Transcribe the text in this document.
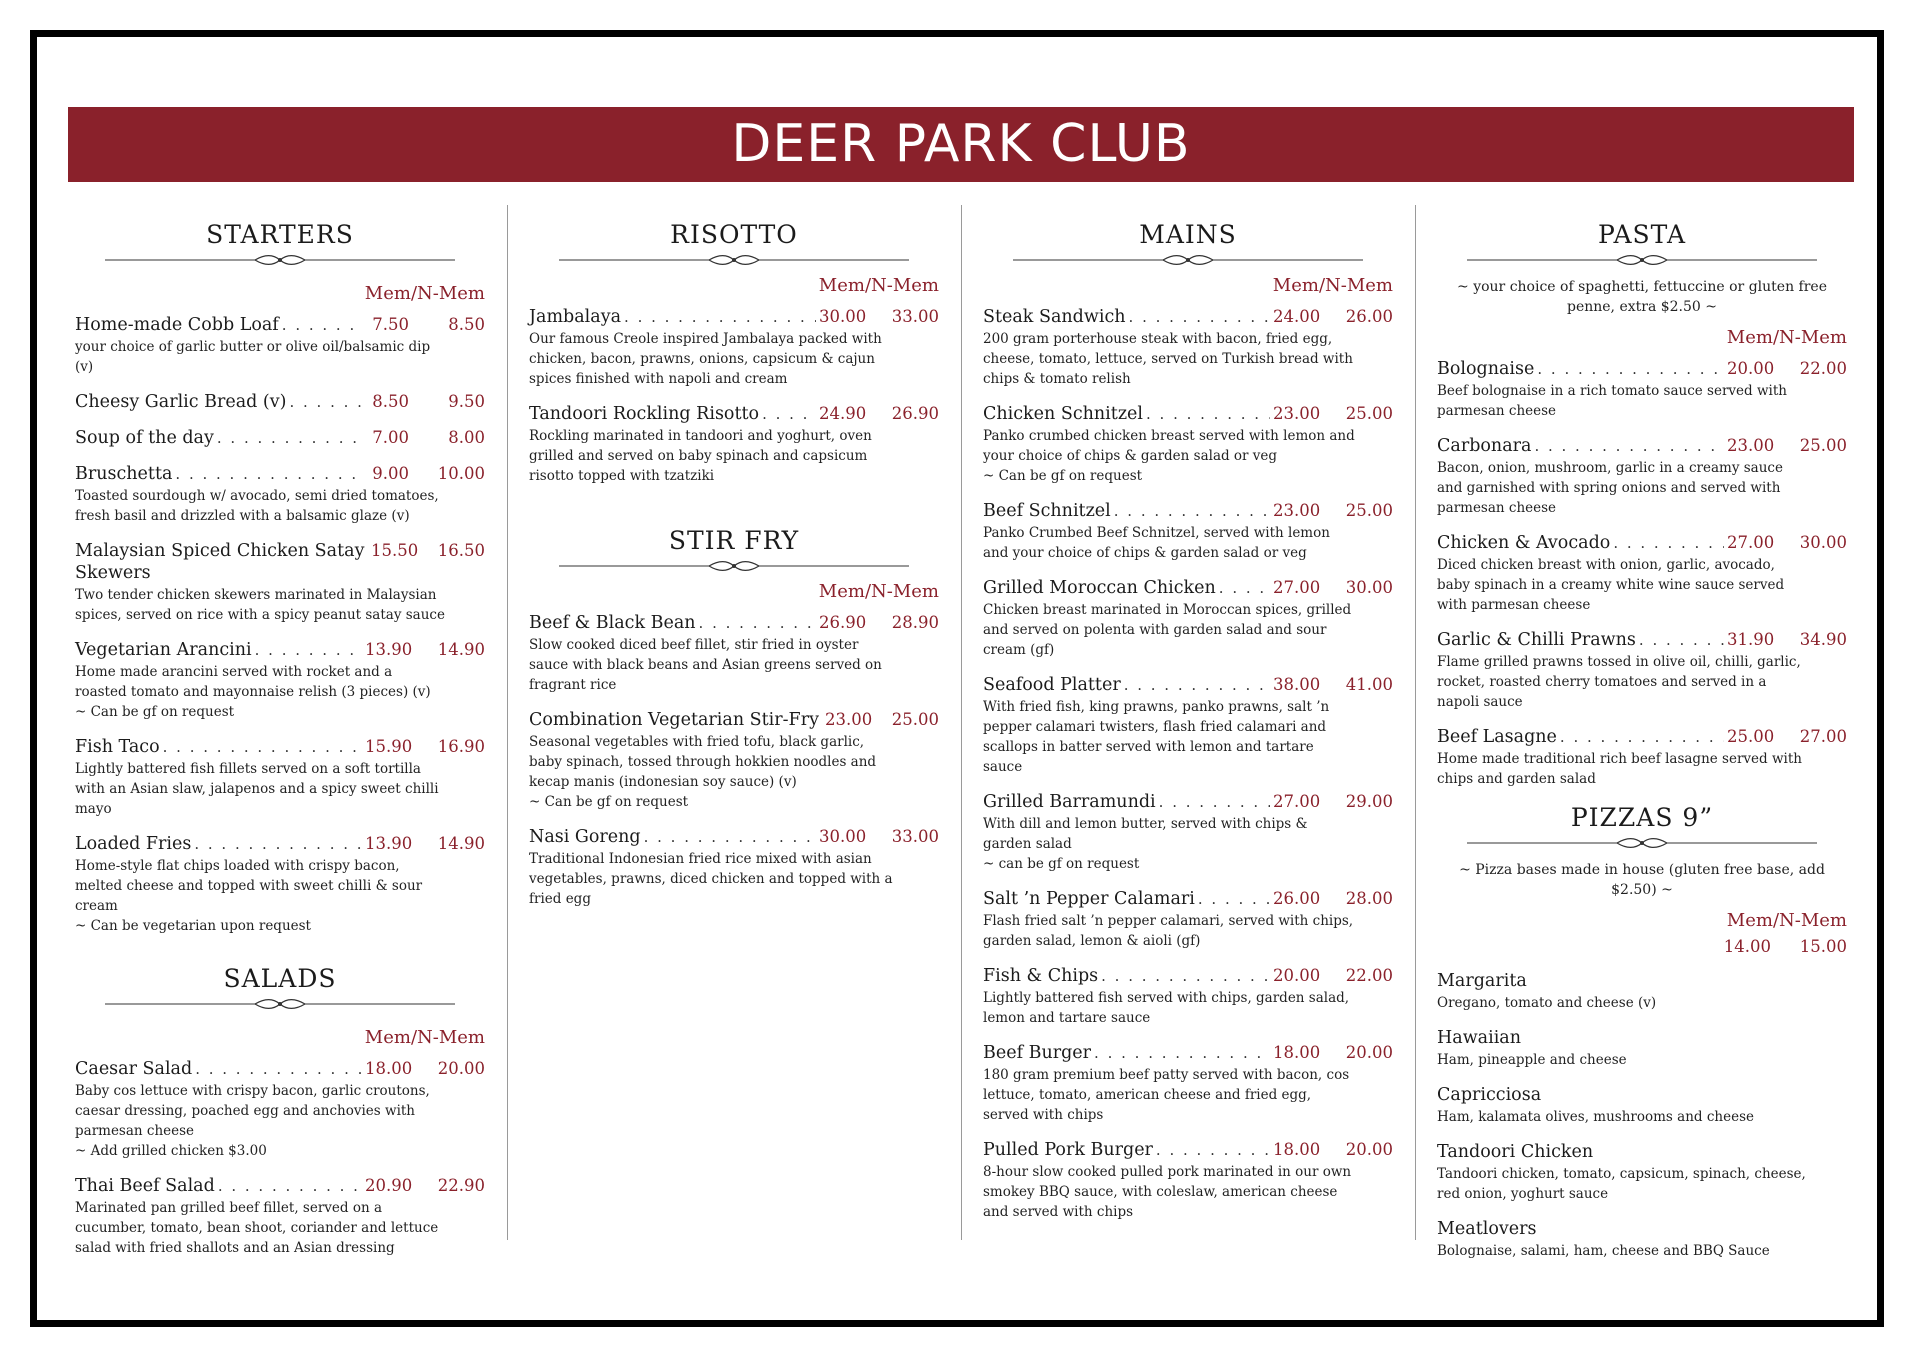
DEER PARK CLUB
STARTERS
Mem/N-Mem
Home-made Cobb Loaf . . .	7.50	8.50
your choice of garlic butter or olive oil/balsamic dip (v)
Cheesy Garlic Bread (v) . . .	8.50	9.50
Soup of the day . . .	7.00	8.00
Bruschetta . . .	9.00	10.00
Toasted sourdough w/ avocado, semi dried tomatoes, fresh basil and drizzled with a balsamic glaze (v)
Malaysian Spiced Chicken Satay Skewers
15.50	16.50
Two tender chicken skewers marinated in Malaysian spices, served on rice with a spicy peanut satay sauce
Vegetarian Arancini . . .	13.90	14.90
Home made arancini served with rocket and a roasted tomato and mayonnaise relish (3 pieces) (v)
~ Can be gf on request
Fish Taco . . .	15.90	16.90
Lightly battered fish fillets served on a soft tortilla with an Asian slaw, jalapenos and a spicy sweet chilli mayo
Loaded Fries . . .	13.90	14.90
Home-style flat chips loaded with crispy bacon, melted cheese and topped with sweet chilli & sour cream
~ Can be vegetarian upon request
SALADS
Mem/N-Mem
Caesar Salad . . .	18.00	20.00
Baby cos lettuce with crispy bacon, garlic croutons, caesar dressing, poached egg and anchovies with parmesan cheese
~ Add grilled chicken $3.00
Thai Beef Salad . . .	20.90	22.90
Marinated pan grilled beef fillet, served on a cucumber, tomato, bean shoot, coriander and lettuce salad with fried shallots and an Asian dressing
RISOTTO
Mem/N-Mem
Jambalaya . . .	30.00	33.00
Our famous Creole inspired Jambalaya packed with chicken, bacon, prawns, onions, capsicum & cajun spices finished with napoli and cream
Tandoori Rockling Risotto . . .	24.90	26.90
Rockling marinated in tandoori and yoghurt, oven grilled and served on baby spinach and capsicum risotto topped with tzatziki
STIR FRY
Mem/N-Mem
Beef & Black Bean . . .	26.90	28.90
Slow cooked diced beef fillet, stir fried in oyster sauce with black beans and Asian greens served on fragrant rice
Combination Vegetarian Stir-Fry 23.00	25.00
Seasonal vegetables with fried tofu, black garlic, baby spinach, tossed through hokkien noodles and kecap manis (indonesian soy sauce) (v)
~ Can be gf on request
Nasi Goreng . . .	30.00	33.00
Traditional Indonesian fried rice mixed with asian vegetables, prawns, diced chicken and topped with a fried egg
MAINS
Mem/N-Mem
Steak Sandwich . . .	24.00	26.00
200 gram porterhouse steak with bacon, fried egg, cheese, tomato, lettuce, served on Turkish bread with chips & tomato relish
Chicken Schnitzel . . .	23.00	25.00
Panko crumbed chicken breast served with lemon and your choice of chips & garden salad or veg
~ Can be gf on request
Beef Schnitzel . . .	23.00	25.00
Panko Crumbed Beef Schnitzel, served with lemon and your choice of chips & garden salad or veg
Grilled Moroccan Chicken . . .	27.00	30.00
Chicken breast marinated in Moroccan spices, grilled and served on polenta with garden salad and sour cream (gf)
Seafood Platter . . .	38.00	41.00
With fried fish, king prawns, panko prawns, salt ’n pepper calamari twisters, flash fried calamari and scallops in batter served with lemon and tartare sauce
Grilled Barramundi . . .	27.00	29.00
With dill and lemon butter, served with chips & garden salad
~ can be gf on request
Salt ’n Pepper Calamari . . .	26.00	28.00
Flash fried salt ’n pepper calamari, served with chips, garden salad, lemon & aioli (gf)
Fish & Chips . . .	20.00	22.00
Lightly battered fish served with chips, garden salad, lemon and tartare sauce
Beef Burger . . .	18.00	20.00
180 gram premium beef patty served with bacon, cos lettuce, tomato, american cheese and fried egg, served with chips
Pulled Pork Burger . . .	18.00	20.00
8-hour slow cooked pulled pork marinated in our own smokey BBQ sauce, with coleslaw, american cheese and served with chips
PASTA
~ your choice of spaghetti, fettuccine or gluten free penne, extra $2.50 ~
Mem/N-Mem
Bolognaise . . .	20.00	22.00
Beef bolognaise in a rich tomato sauce served with parmesan cheese
Carbonara . . .	23.00	25.00
Bacon, onion, mushroom, garlic in a creamy sauce and garnished with spring onions and served with parmesan cheese
Chicken & Avocado . . .	27.00	30.00
Diced chicken breast with onion, garlic, avocado, baby spinach in a creamy white wine sauce served with parmesan cheese
Garlic & Chilli Prawns . . .	31.90	34.90
Flame grilled prawns tossed in olive oil, chilli, garlic, rocket, roasted cherry tomatoes and served in a napoli sauce
Beef Lasagne . . .	25.00	27.00
Home made traditional rich beef lasagne served with chips and garden salad
PIZZAS 9”
~ Pizza bases made in house (gluten free base, add $2.50) ~
Mem/N-Mem
14.00	15.00
Margarita
Oregano, tomato and cheese (v)
Hawaiian
Ham, pineapple and cheese
Capricciosa
Ham, kalamata olives, mushrooms and cheese
Tandoori Chicken
Tandoori chicken, tomato, capsicum, spinach, cheese, red onion, yoghurt sauce
Meatlovers
Bolognaise, salami, ham, cheese and BBQ Sauce
